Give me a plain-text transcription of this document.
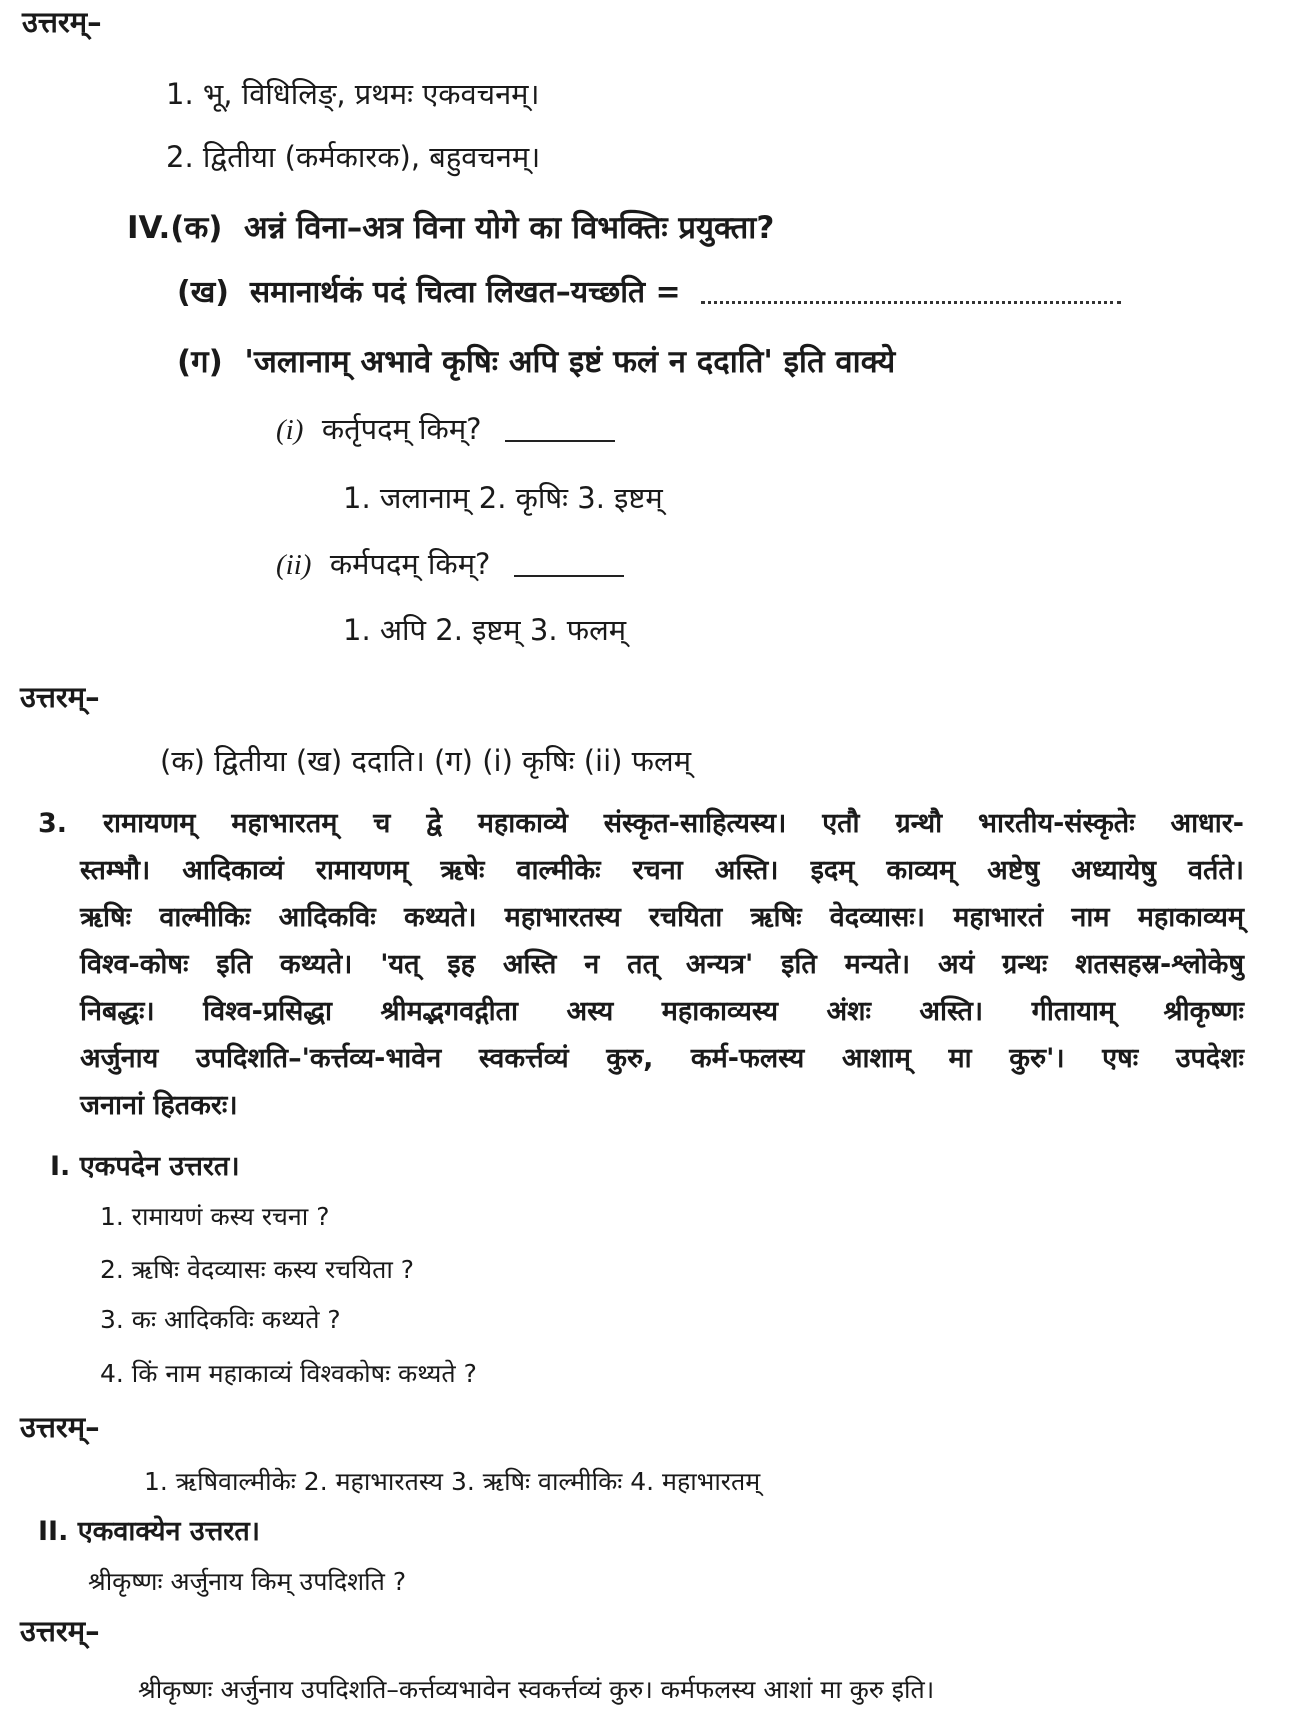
उत्तरम्–
1. भू, विधिलिङ्, प्रथमः एकवचनम्।
2. द्वितीया (कर्मकारक), बहुवचनम्।
IV.(क) अन्नं विना–अत्र विना योगे का विभक्तिः प्रयुक्ता?
(ख) समानार्थकं पदं चित्वा लिखत–यच्छति =
(ग) 'जलानाम् अभावे कृषिः अपि इष्टं फलं न ददाति' इति वाक्ये
(i) कर्तृपदम् किम्?
1. जलानाम् 2. कृषिः 3. इष्टम्
(ii) कर्मपदम् किम्?
1. अपि 2. इष्टम् 3. फलम्
उत्तरम्–
(क) द्वितीया (ख) ददाति। (ग) (i) कृषिः (ii) फलम्
3. रामायणम् महाभारतम् च द्वे महाकाव्ये संस्कृत-साहित्यस्य। एतौ ग्रन्थौ भारतीय-संस्कृतेः आधार-
स्तम्भौ। आदिकाव्यं रामायणम् ऋषेः वाल्मीकेः रचना अस्ति। इदम् काव्यम् अष्टेषु अध्यायेषु वर्तते।
ऋषिः वाल्मीकिः आदिकविः कथ्यते। महाभारतस्य रचयिता ऋषिः वेदव्यासः। महाभारतं नाम महाकाव्यम्
विश्व-कोषः इति कथ्यते। 'यत् इह अस्ति न तत् अन्यत्र' इति मन्यते। अयं ग्रन्थः शतसहस्र-श्लोकेषु
निबद्धः। विश्व-प्रसिद्धा श्रीमद्भगवद्गीता अस्य महाकाव्यस्य अंशः अस्ति। गीतायाम् श्रीकृष्णः
अर्जुनाय उपदिशति–'कर्त्तव्य-भावेन स्वकर्त्तव्यं कुरु, कर्म-फलस्य आशाम् मा कुरु'। एषः उपदेशः
जनानां हितकरः।
I. एकपदेन उत्तरत।
1. रामायणं कस्य रचना ?
2. ऋषिः वेदव्यासः कस्य रचयिता ?
3. कः आदिकविः कथ्यते ?
4. किं नाम महाकाव्यं विश्वकोषः कथ्यते ?
उत्तरम्–
1. ऋषिवाल्मीकेः 2. महाभारतस्य 3. ऋषिः वाल्मीकिः 4. महाभारतम्
II. एकवाक्येन उत्तरत।
श्रीकृष्णः अर्जुनाय किम् उपदिशति ?
उत्तरम्–
श्रीकृष्णः अर्जुनाय उपदिशति–कर्त्तव्यभावेन स्वकर्त्तव्यं कुरु। कर्मफलस्य आशां मा कुरु इति।
